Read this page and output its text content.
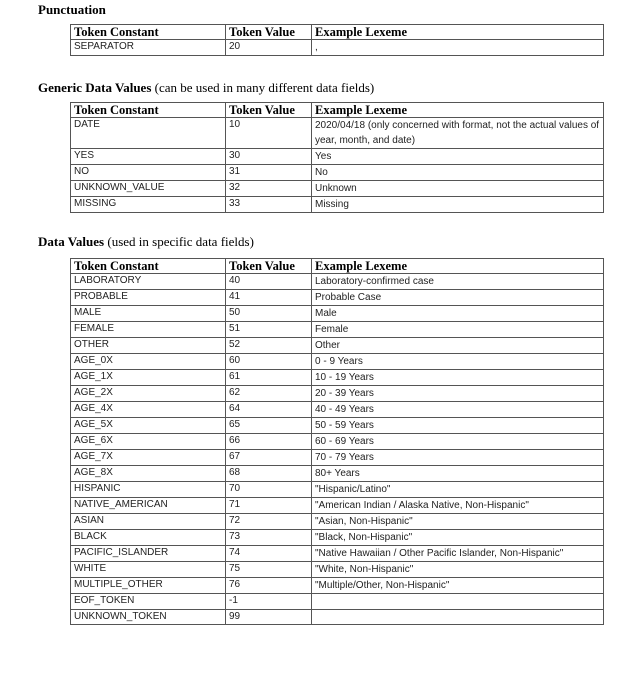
Punctuation
Token Constant	Token Value	Example Lexeme
SEPARATOR	20	,
Generic Data Values (can be used in many different data fields)
Token Constant	Token Value	Example Lexeme
DATE	10	2020/04/18 (only concerned with format, not the actual values of year, month, and date)
YES	30	Yes
NO	31	No
UNKNOWN_VALUE	32	Unknown
MISSING	33	Missing
Data Values (used in specific data fields)
Token Constant	Token Value	Example Lexeme
LABORATORY	40	Laboratory-confirmed case
PROBABLE	41	Probable Case
MALE	50	Male
FEMALE	51	Female
OTHER	52	Other
AGE_0X	60	0 - 9 Years
AGE_1X	61	10 - 19 Years
AGE_2X	62	20 - 39 Years
AGE_4X	64	40 - 49 Years
AGE_5X	65	50 - 59 Years
AGE_6X	66	60 - 69 Years
AGE_7X	67	70 - 79 Years
AGE_8X	68	80+ Years
HISPANIC	70	"Hispanic/Latino"
NATIVE_AMERICAN	71	"American Indian / Alaska Native, Non-Hispanic"
ASIAN	72	"Asian, Non-Hispanic"
BLACK	73	"Black, Non-Hispanic"
PACIFIC_ISLANDER	74	"Native Hawaiian / Other Pacific Islander, Non-Hispanic"
WHITE	75	"White, Non-Hispanic"
MULTIPLE_OTHER	76	"Multiple/Other, Non-Hispanic"
EOF_TOKEN	-1	
UNKNOWN_TOKEN	99	
